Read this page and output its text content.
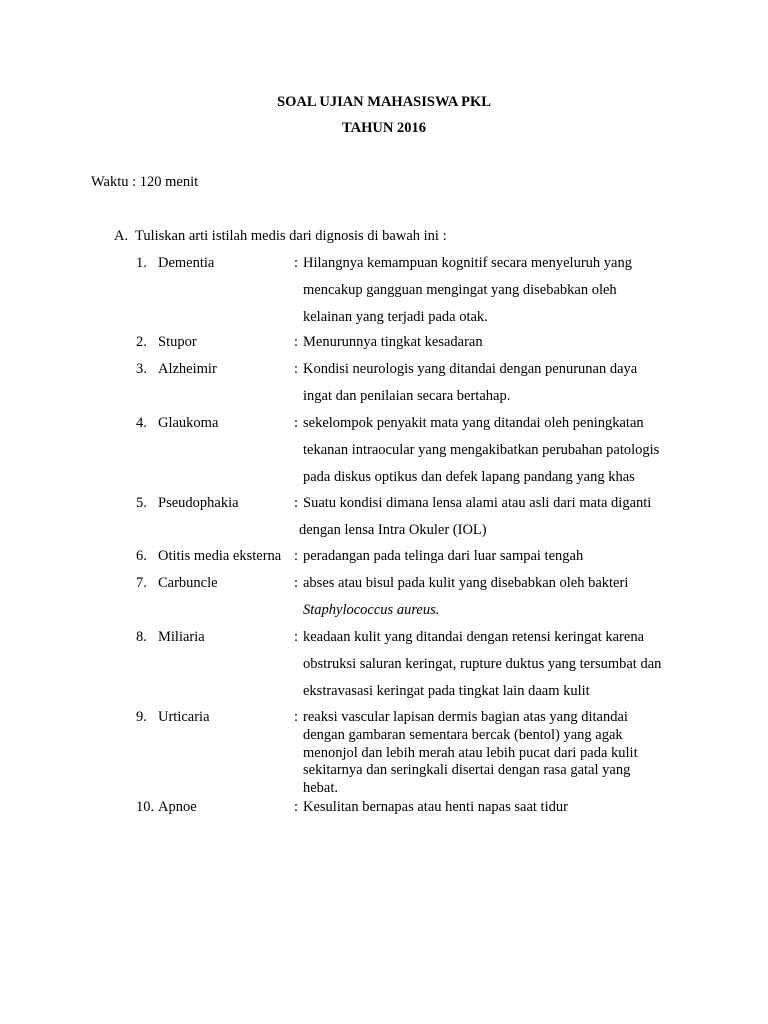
SOAL UJIAN MAHASISWA PKL
TAHUN 2016
Waktu : 120 menit
A. Tuliskan arti istilah medis dari dignosis di bawah ini :
1. Dementia	: Hilangnya kemampuan kognitif secara menyeluruh yang
mencakup gangguan mengingat yang disebabkan oleh
kelainan yang terjadi pada otak.
2. Stupor	: Menurunnya tingkat kesadaran
3. Alzheimir	: Kondisi neurologis yang ditandai dengan penurunan daya
ingat dan penilaian secara bertahap.
4. Glaukoma	: sekelompok penyakit mata yang ditandai oleh peningkatan
tekanan intraocular yang mengakibatkan perubahan patologis
pada diskus optikus dan defek lapang pandang yang khas
5. Pseudophakia	: Suatu kondisi dimana lensa alami atau asli dari mata diganti
dengan lensa Intra Okuler (IOL)
6. Otitis media eksterna : peradangan pada telinga dari luar sampai tengah
7. Carbuncle	: abses atau bisul pada kulit yang disebabkan oleh bakteri
Staphylococcus aureus.
8. Miliaria	: keadaan kulit yang ditandai dengan retensi keringat karena
obstruksi saluran keringat, rupture duktus yang tersumbat dan
ekstravasasi keringat pada tingkat lain daam kulit
9. Urticaria	: reaksi vascular lapisan dermis bagian atas yang ditandai
dengan gambaran sementara bercak (bentol) yang agak
menonjol dan lebih merah atau lebih pucat dari pada kulit
sekitarnya dan seringkali disertai dengan rasa gatal yang
hebat.
10. Apnoe	: Kesulitan bernapas atau henti napas saat tidur
